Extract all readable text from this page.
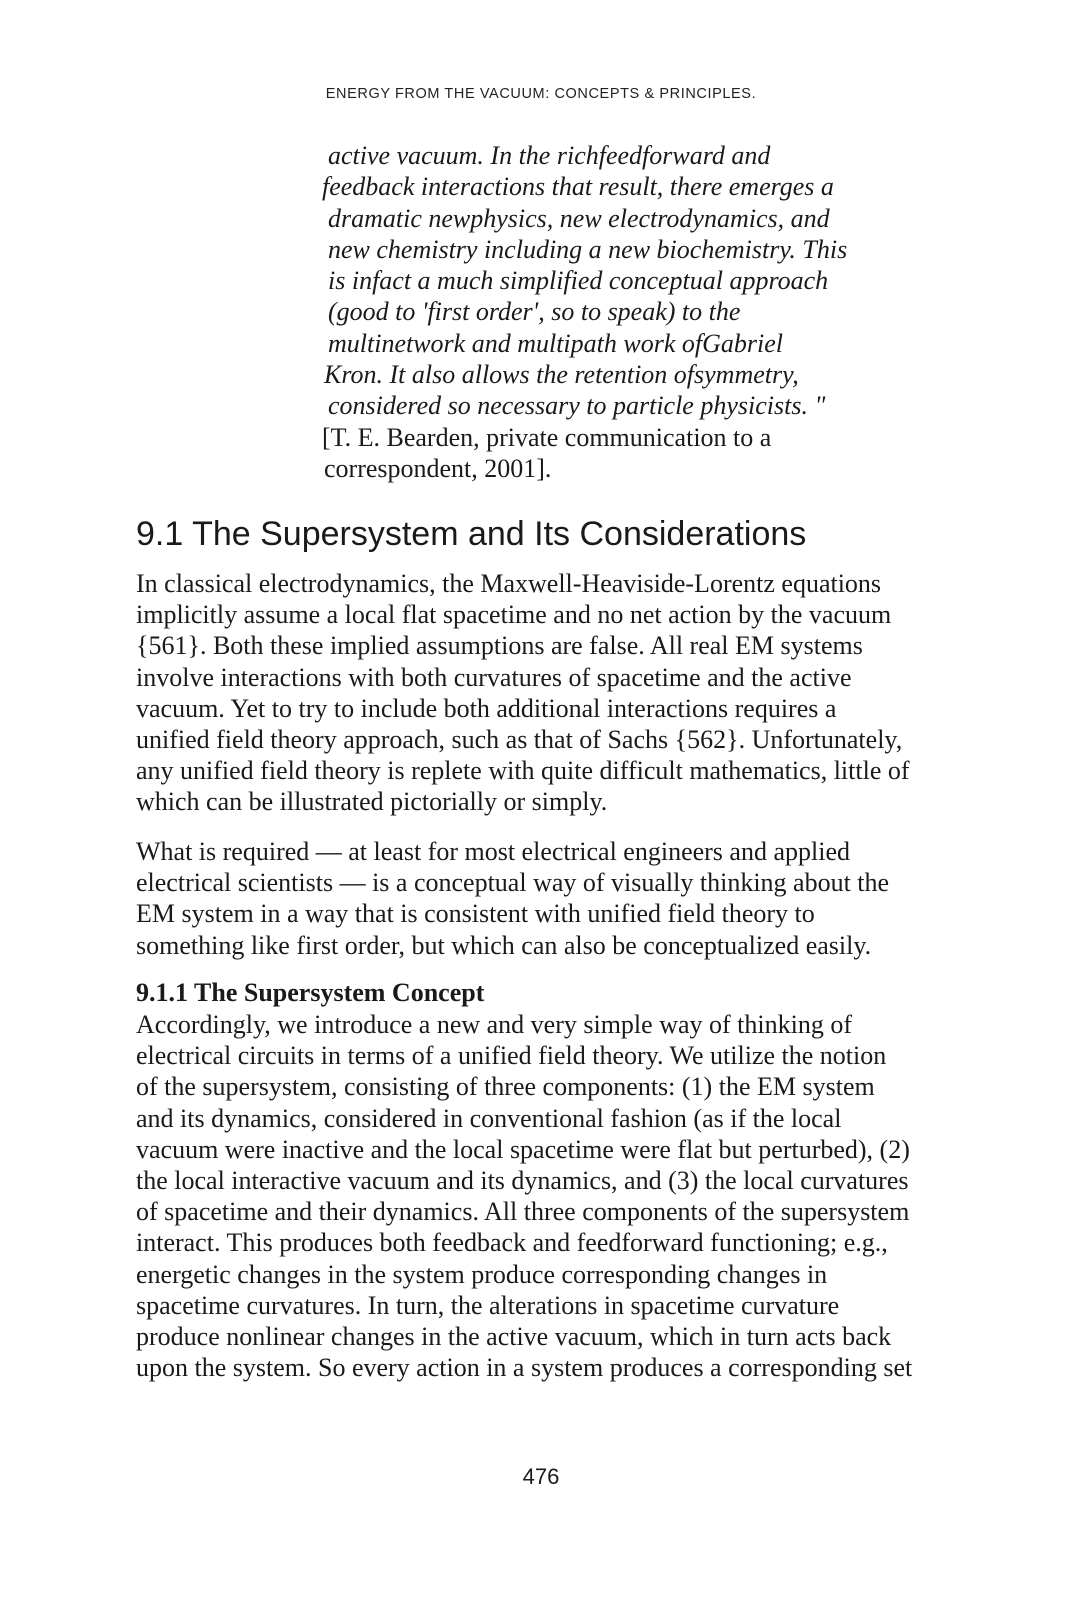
ENERGY FROM THE VACUUM: CONCEPTS & PRINCIPLES.
active vacuum. In the richfeedforward and
feedback interactions that result, there emerges a
dramatic newphysics, new electrodynamics, and
new chemistry including a new biochemistry. This
is infact a much simplified conceptual approach
(good to 'first order', so to speak) to the
multinetwork and multipath work ofGabriel
Kron. It also allows the retention ofsymmetry,
considered so necessary to particle physicists. "
[T. E. Bearden, private communication to a
correspondent, 2001].
9.1 The Supersystem and Its Considerations
In classical electrodynamics, the Maxwell-Heaviside-Lorentz equations
implicitly assume a local flat spacetime and no net action by the vacuum
{561}. Both these implied assumptions are false. All real EM systems
involve interactions with both curvatures of spacetime and the active
vacuum. Yet to try to include both additional interactions requires a
unified field theory approach, such as that of Sachs {562}. Unfortunately,
any unified field theory is replete with quite difficult mathematics, little of
which can be illustrated pictorially or simply.
What is required — at least for most electrical engineers and applied
electrical scientists — is a conceptual way of visually thinking about the
EM system in a way that is consistent with unified field theory to
something like first order, but which can also be conceptualized easily.
9.1.1 The Supersystem Concept
Accordingly, we introduce a new and very simple way of thinking of
electrical circuits in terms of a unified field theory. We utilize the notion
of the supersystem, consisting of three components: (1) the EM system
and its dynamics, considered in conventional fashion (as if the local
vacuum were inactive and the local spacetime were flat but perturbed), (2)
the local interactive vacuum and its dynamics, and (3) the local curvatures
of spacetime and their dynamics. All three components of the supersystem
interact. This produces both feedback and feedforward functioning; e.g.,
energetic changes in the system produce corresponding changes in
spacetime curvatures. In turn, the alterations in spacetime curvature
produce nonlinear changes in the active vacuum, which in turn acts back
upon the system. So every action in a system produces a corresponding set
476
